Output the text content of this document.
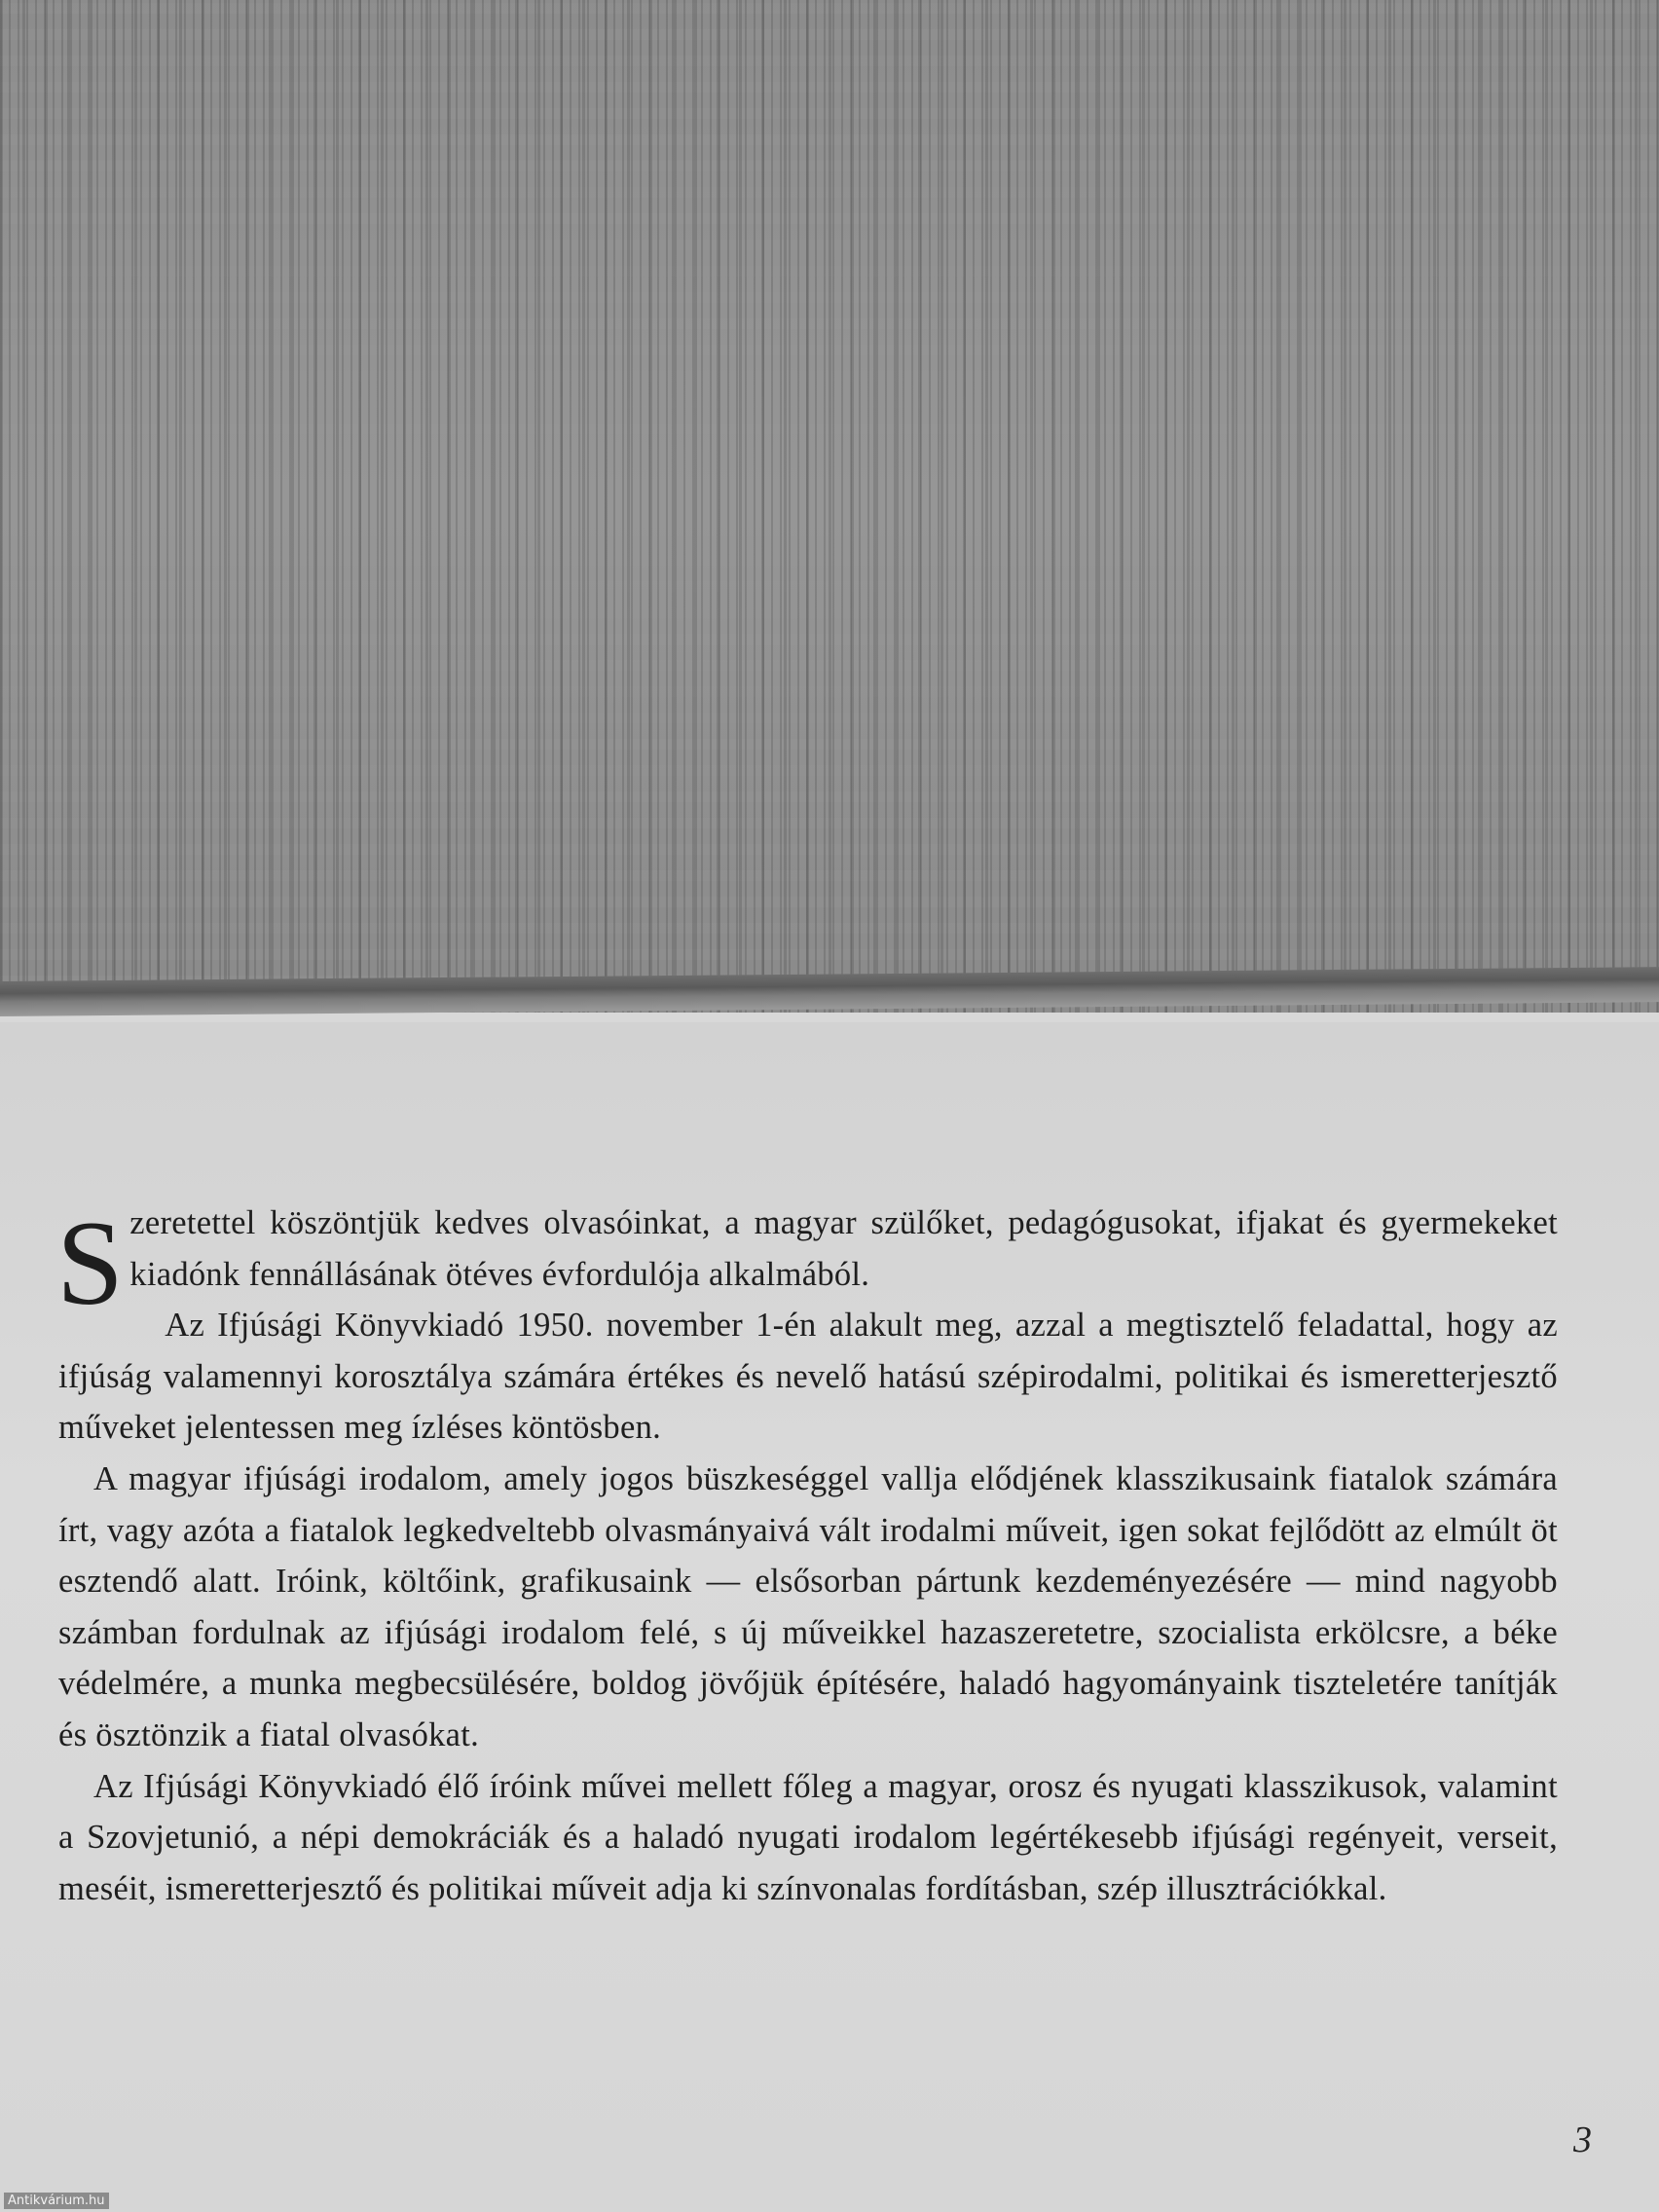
Szeretettel köszöntjük kedves olvasóinkat, a magyar szülőket, pedagógusokat, ifjakat és gyermekeket kiadónk fennállásának ötéves évfordulója alkalmából.

Az Ifjúsági Könyvkiadó 1950. november 1-én alakult meg, azzal a megtisztelő feladattal, hogy az ifjúság valamennyi korosztálya számára értékes és nevelő hatású szépirodalmi, politikai és ismeretterjesztő műveket jelentessen meg ízléses köntösben.

A magyar ifjúsági irodalom, amely jogos büszkeséggel vallja elődjének klasszikusaink fiatalok számára írt, vagy azóta a fiatalok legkedveltebb olvasmányaivá vált irodalmi műveit, igen sokat fejlődött az elmúlt öt esztendő alatt. Iróink, költőink, grafikusaink — elsősorban pártunk kezdeményezésére — mind nagyobb számban fordulnak az ifjúsági irodalom felé, s új műveikkel hazaszeretetre, szocialista erkölcsre, a béke védelmére, a munka megbecsülésére, boldog jövőjük építésére, haladó hagyományaink tiszteletére tanítják és ösztönzik a fiatal olvasókat.

Az Ifjúsági Könyvkiadó élő íróink művei mellett főleg a magyar, orosz és nyugati klasszikusok, valamint a Szovjetunió, a népi demokráciák és a haladó nyugati irodalom legértékesebb ifjúsági regényeit, verseit, meséit, ismeretterjesztő és politikai műveit adja ki színvonalas fordításban, szép illusztrációkkal.

3
Antikvárium.hu
